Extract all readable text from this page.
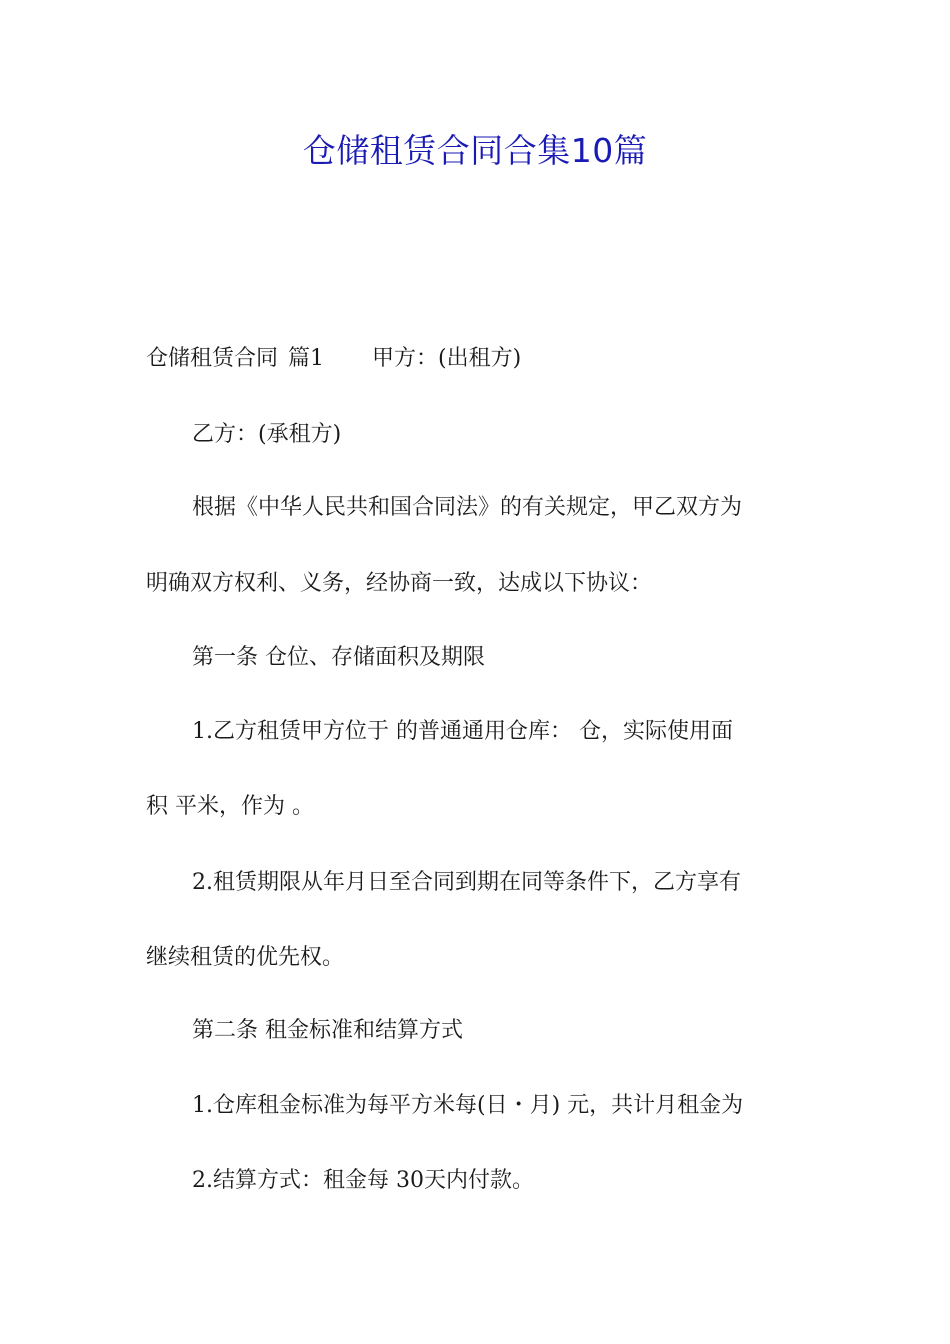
仓储租赁合同合集10篇
仓储租赁合同 篇1 甲方：(出租方)
乙方：(承租方)
根据《中华人民共和国合同法》的有关规定，甲乙双方为
明确双方权利、义务，经协商一致，达成以下协议：
第一条 仓位、存储面积及期限
1.乙方租赁甲方位于 的普通通用仓库： 仓，实际使用面
积 平米，作为 。
2.租赁期限从年月日至合同到期在同等条件下，乙方享有
继续租赁的优先权。
第二条 租金标准和结算方式
1.仓库租金标准为每平方米每(日・月) 元，共计月租金为
2.结算方式：租金每 30天内付款。
